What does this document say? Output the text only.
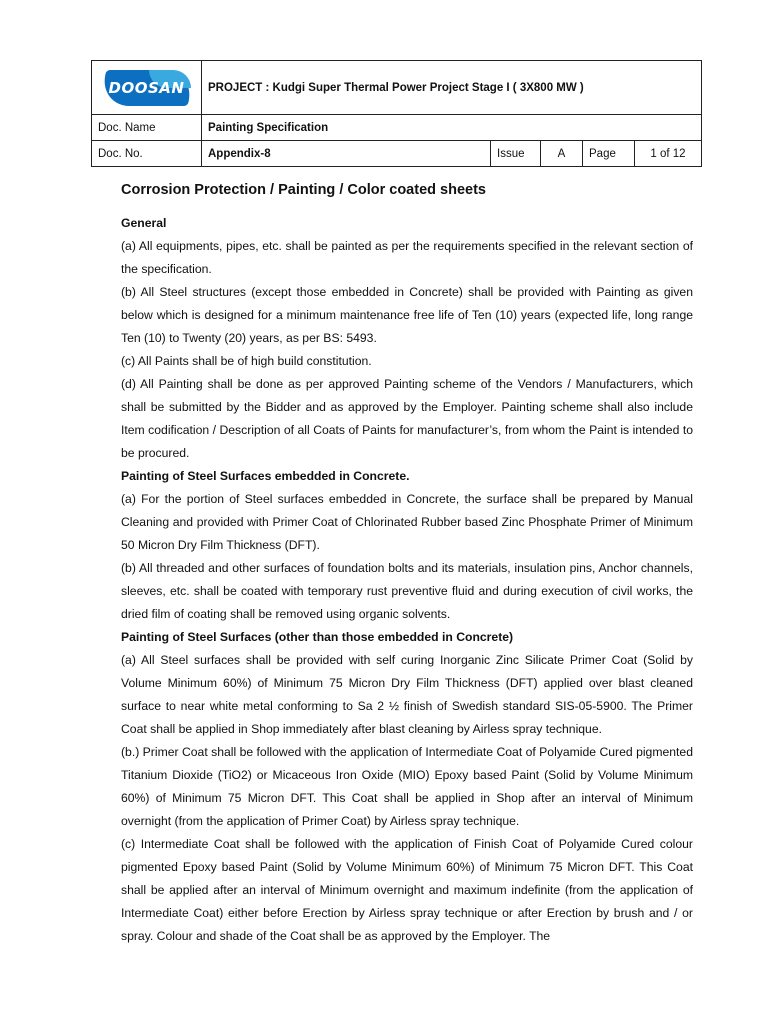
DOOSAN	PROJECT : Kudgi Super Thermal Power Project Stage I ( 3X800 MW )				
Doc. Name	Painting Specification				
Doc. No.	Appendix-8	Issue	A	Page	1 of 12

Corrosion Protection / Painting / Color coated sheets

General

(a) All equipments, pipes, etc. shall be painted as per the requirements specified in the relevant section of the specification.

(b) All Steel structures (except those embedded in Concrete) shall be provided with Painting as given below which is designed for a minimum maintenance free life of Ten (10) years (expected life, long range Ten (10) to Twenty (20) years, as per BS: 5493.

(c) All Paints shall be of high build constitution.

(d) All Painting shall be done as per approved Painting scheme of the Vendors / Manufacturers, which shall be submitted by the Bidder and as approved by the Employer. Painting scheme shall also include Item codification / Description of all Coats of Paints for manufacturer’s, from whom the Paint is intended to be procured.

Painting of Steel Surfaces embedded in Concrete.

(a) For the portion of Steel surfaces embedded in Concrete, the surface shall be prepared by Manual Cleaning and provided with Primer Coat of Chlorinated Rubber based Zinc Phosphate Primer of Minimum 50 Micron Dry Film Thickness (DFT).

(b) All threaded and other surfaces of foundation bolts and its materials, insulation pins, Anchor channels, sleeves, etc. shall be coated with temporary rust preventive fluid and during execution of civil works, the dried film of coating shall be removed using organic solvents.

Painting of Steel Surfaces (other than those embedded in Concrete)

(a) All Steel surfaces shall be provided with self curing Inorganic Zinc Silicate Primer Coat (Solid by Volume Minimum 60%) of Minimum 75 Micron Dry Film Thickness (DFT) applied over blast cleaned surface to near white metal conforming to Sa 2 ½ finish of Swedish standard SIS-05-5900. The Primer Coat shall be applied in Shop immediately after blast cleaning by Airless spray technique.

(b.) Primer Coat shall be followed with the application of Intermediate Coat of Polyamide Cured pigmented Titanium Dioxide (TiO2) or Micaceous Iron Oxide (MIO) Epoxy based Paint (Solid by Volume Minimum 60%) of Minimum 75 Micron DFT. This Coat shall be applied in Shop after an interval of Minimum overnight (from the application of Primer Coat) by Airless spray technique.

(c) Intermediate Coat shall be followed with the application of Finish Coat of Polyamide Cured colour pigmented Epoxy based Paint (Solid by Volume Minimum 60%) of Minimum 75 Micron DFT. This Coat shall be applied after an interval of Minimum overnight and maximum indefinite (from the application of Intermediate Coat) either before Erection by Airless spray technique or after Erection by brush and / or spray. Colour and shade of the Coat shall be as approved by the Employer. The
